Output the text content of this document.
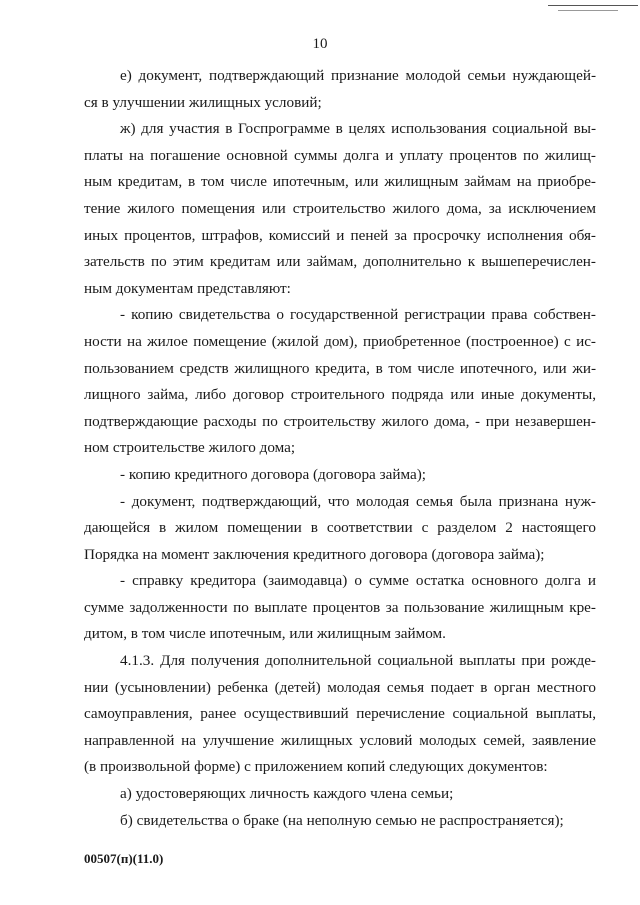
10
е) документ, подтверждающий признание молодой семьи нуждающей-
ся в улучшении жилищных условий;
ж) для участия в Госпрограмме в целях использования социальной вы-
платы на погашение основной суммы долга и уплату процентов по жилищ-
ным кредитам, в том числе ипотечным, или жилищным займам на приобре-
тение жилого помещения или строительство жилого дома, за исключением
иных процентов, штрафов, комиссий и пеней за просрочку исполнения обя-
зательств по этим кредитам или займам, дополнительно к вышеперечислен-
ным документам представляют:
- копию свидетельства о государственной регистрации права собствен-
ности на жилое помещение (жилой дом), приобретенное (построенное) с ис-
пользованием средств жилищного кредита, в том числе ипотечного, или жи-
лищного займа, либо договор строительного подряда или иные документы,
подтверждающие расходы по строительству жилого дома, - при незавершен-
ном строительстве жилого дома;
- копию кредитного договора (договора займа);
- документ, подтверждающий, что молодая семья была признана нуж-
дающейся в жилом помещении в соответствии с разделом 2 настоящего
Порядка на момент заключения кредитного договора (договора займа);
- справку кредитора (заимодавца) о сумме остатка основного долга и
сумме задолженности по выплате процентов за пользование жилищным кре-
дитом, в том числе ипотечным, или жилищным займом.
4.1.3. Для получения дополнительной социальной выплаты при рожде-
нии (усыновлении) ребенка (детей) молодая семья подает в орган местного
самоуправления, ранее осуществивший перечисление социальной выплаты,
направленной на улучшение жилищных условий молодых семей, заявление
(в произвольной форме) с приложением копий следующих документов:
а) удостоверяющих личность каждого члена семьи;
б) свидетельства о браке (на неполную семью не распространяется);
00507(п)(11.0)
